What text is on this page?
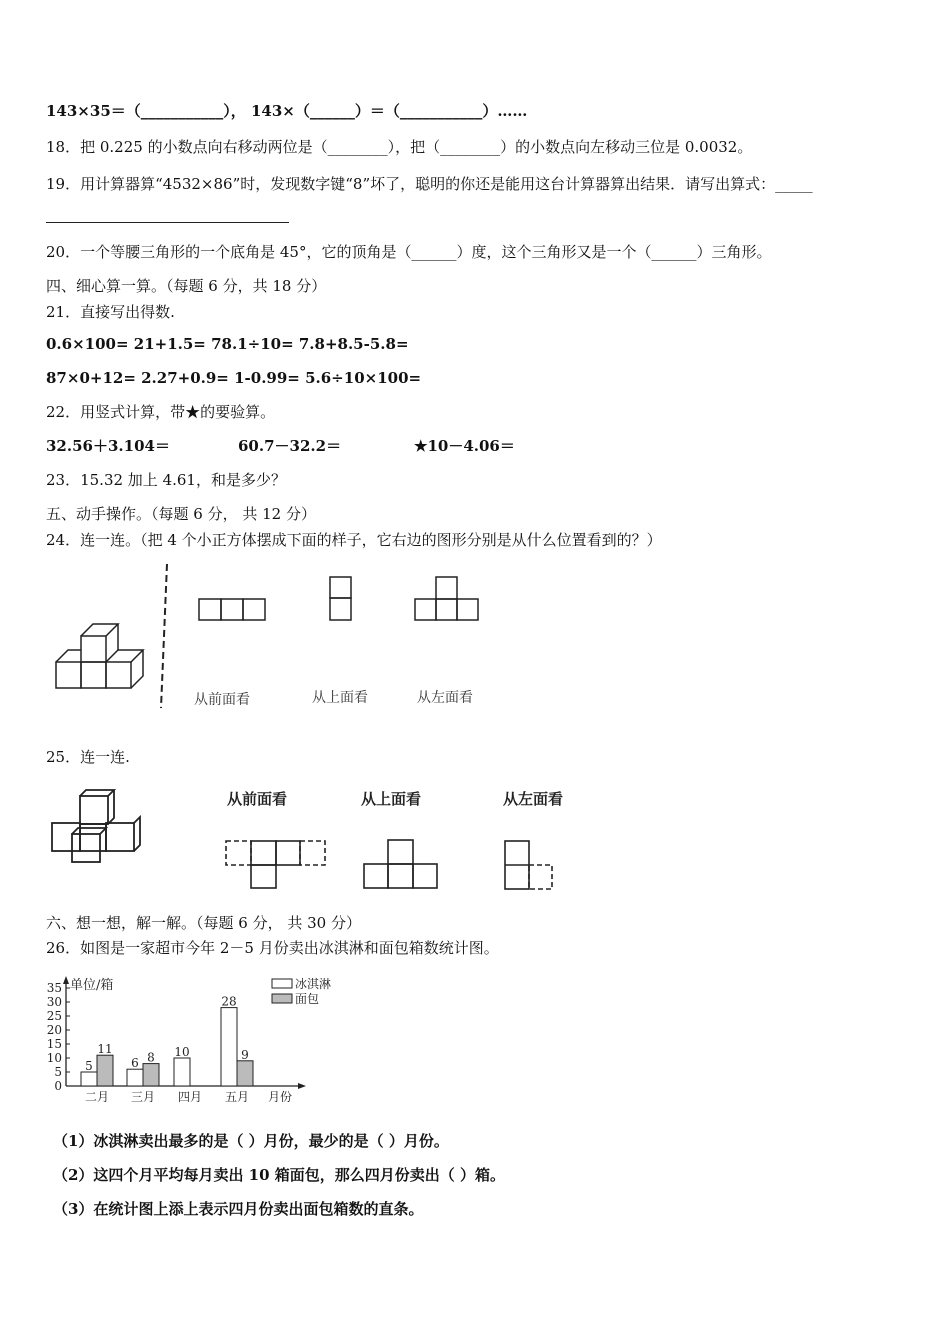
143×35＝（___________）， 143×（______）＝（___________）……
18．把 0.225 的小数点向右移动两位是（________），把（________）的小数点向左移动三位是 0.0032。
19．用计算器算“4532×86”时，发现数字键“8”坏了，聪明的你还是能用这台计算器算出结果．请写出算式：_____
20．一个等腰三角形的一个底角是 45°，它的顶角是（______）度，这个三角形又是一个（______）三角形。
四、细心算一算。（每题 6 分，共 18 分）
21．直接写出得数.
0.6×100= 21+1.5= 78.1÷10= 7.8+8.5-5.8=
87×0+12= 2.27+0.9= 1-0.99= 5.6÷10×100=
22．用竖式计算，带★的要验算。
32.56＋3.104＝	60.7－32.2＝	★10－4.06＝
23．15.32 加上 4.61，和是多少？
五、动手操作。（每题 6 分， 共 12 分）
24．连一连。（把 4 个小正方体摆成下面的样子，它右边的图形分别是从什么位置看到的？）
从前面看	从上面看	从左面看
25．连一连.
从前面看	从上面看	从左面看
六、想一想，解一解。（每题 6 分， 共 30 分）
26．如图是一家超市今年 2－5 月份卖出冰淇淋和面包箱数统计图。
单位/箱
月份
冰淇淋
面包
0
5
10
15
20
25
30
35
二月
5
11
三月
6 8
四月
10
五月
28
9
（1）冰淇淋卖出最多的是（ ）月份，最少的是（ ）月份。
（2）这四个月平均每月卖出 10 箱面包，那么四月份卖出（ ）箱。
（3）在统计图上添上表示四月份卖出面包箱数的直条。
